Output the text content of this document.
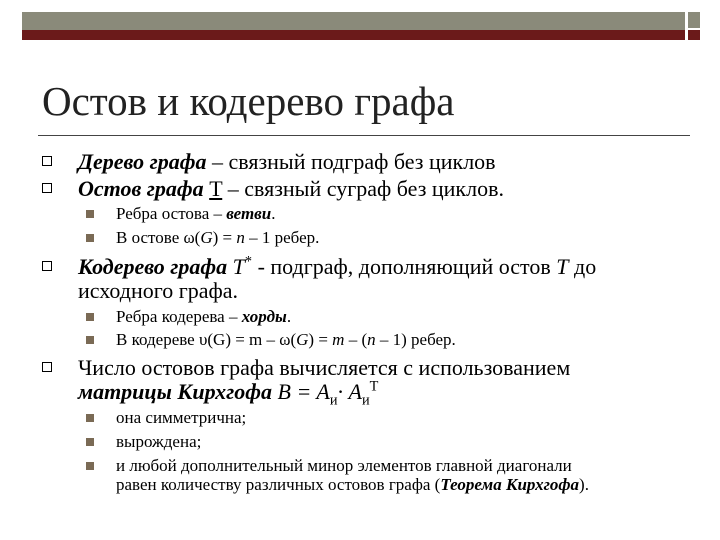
Остов и кодерево графа
Дерево графа – связный подграф без циклов
Остов графа T – связный суграф без циклов.
Ребра остова – ветви.
В остове ω(G) = n – 1 ребер.
Кодерево графа T* - подграф, дополняющий остов T до
исходного графа.
Ребра кодерева – хорды.
В кодереве υ(G) = m – ω(G) = m – (n – 1) ребер.
Число остовов графа вычисляется с использованием
матрицы Кирхгофа $B = A_и\cdot A_и^T$
она симметрична;
вырождена;
и любой дополнительный минор элементов главной диагонали
равен количеству различных остовов графа (Теорема Кирхгофа).
